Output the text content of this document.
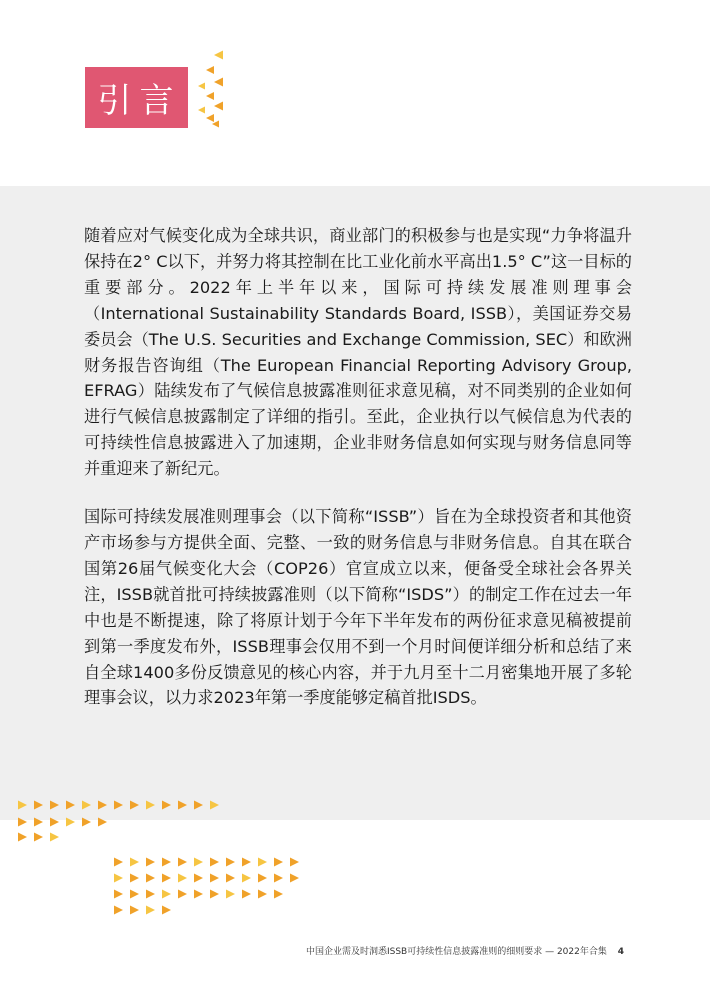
引言

随着应对气候变化成为全球共识，商业部门的积极参与也是实现“力争将温升保持在2° C以下，并努力将其控制在比工业化前水平高出1.5° C”这一目标的重要部分。2022年上半年以来，国际可持续发展准则理事会（International Sustainability Standards Board, ISSB），美国证券交易委员会（The U.S. Securities and Exchange Commission, SEC）和欧洲财务报告咨询组（The European Financial Reporting Advisory Group, EFRAG）陆续发布了气候信息披露准则征求意见稿，对不同类别的企业如何进行气候信息披露制定了详细的指引。至此，企业执行以气候信息为代表的可持续性信息披露进入了加速期，企业非财务信息如何实现与财务信息同等并重迎来了新纪元。

国际可持续发展准则理事会（以下简称“ISSB”）旨在为全球投资者和其他资产市场参与方提供全面、完整、一致的财务信息与非财务信息。自其在联合国第26届气候变化大会（COP26）官宣成立以来，便备受全球社会各界关注，ISSB就首批可持续披露准则（以下简称“ISDS”）的制定工作在过去一年中也是不断提速，除了将原计划于今年下半年发布的两份征求意见稿被提前到第一季度发布外，ISSB理事会仅用不到一个月时间便详细分析和总结了来自全球1400多份反馈意见的核心内容，并于九月至十二月密集地开展了多轮理事会议，以力求2023年第一季度能够定稿首批ISDS。

中国企业需及时洞悉ISSB可持续性信息披露准则的细则要求 — 2022年合集 4
